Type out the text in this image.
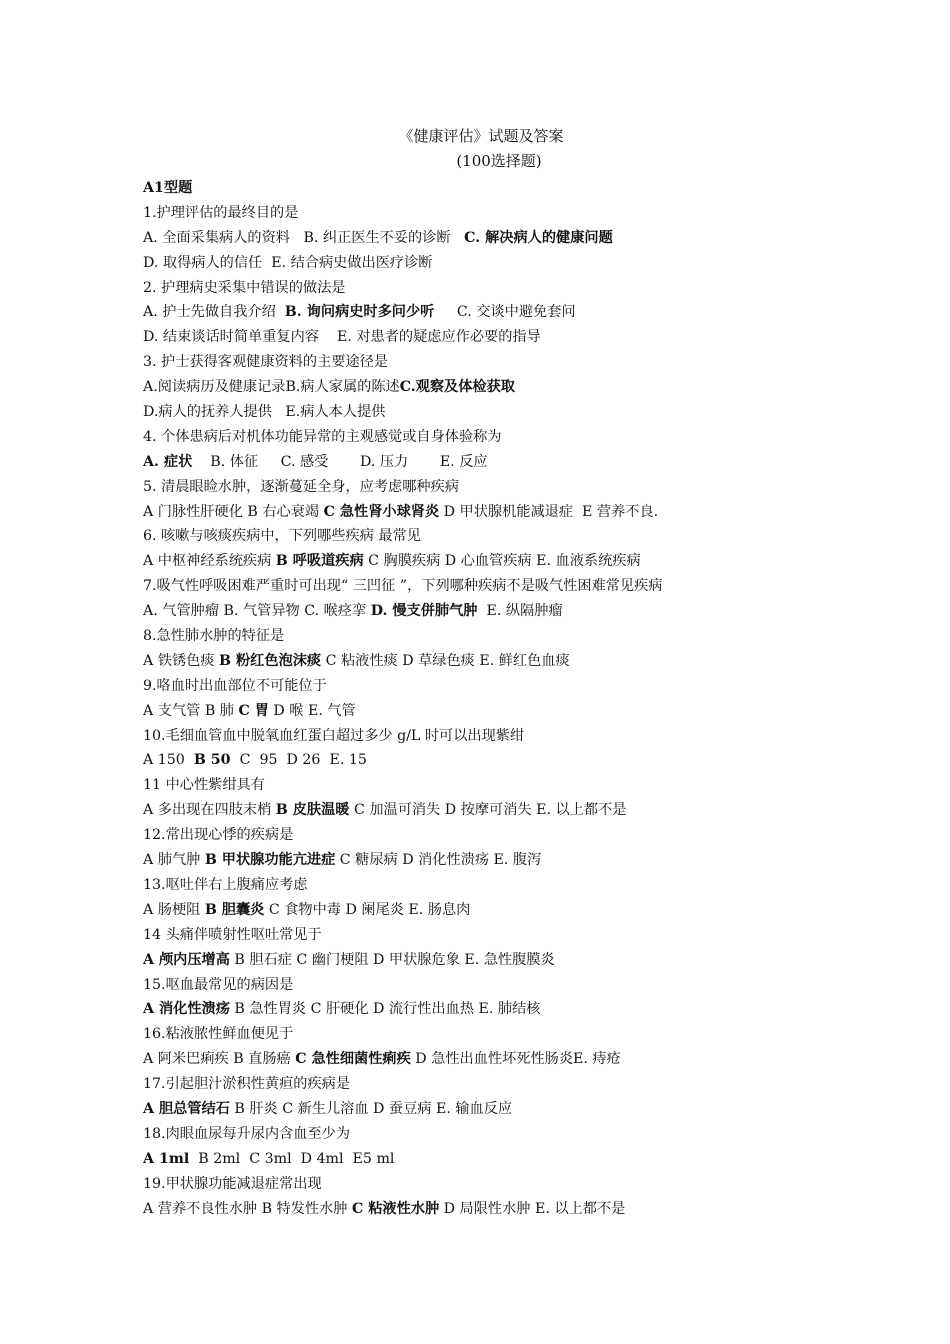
《健康评估》试题及答案
(100选择题)
A1型题
1.护理评估的最终目的是
A. 全面采集病人的资料   B. 纠正医生不妥的诊断   C. 解决病人的健康问题
D. 取得病人的信任  E. 结合病史做出医疗诊断
2. 护理病史采集中错误的做法是
A. 护士先做自我介绍  B. 询问病史时多问少听     C. 交谈中避免套问
D. 结束谈话时简单重复内容    E. 对患者的疑虑应作必要的指导
3. 护士获得客观健康资料的主要途径是
A.阅读病历及健康记录B.病人家属的陈述C.观察及体检获取
D.病人的抚养人提供   E.病人本人提供
4. 个体患病后对机体功能异常的主观感觉或自身体验称为
A. 症状    B. 体征     C. 感受       D. 压力       E. 反应
5. 清晨眼睑水肿，逐渐蔓延全身，应考虑哪种疾病
A 门脉性肝硬化 B 右心衰竭 C 急性肾小球肾炎 D 甲状腺机能减退症  E 营养不良.
6. 咳嗽与咳痰疾病中，下列哪些疾病 最常见
A 中枢神经系统疾病 B 呼吸道疾病 C 胸膜疾病 D 心血管疾病 E. 血液系统疾病
7.吸气性呼吸困难严重时可出现“ 三凹征 ”，下列哪种疾病不是吸气性困难常见疾病
A. 气管肿瘤 B. 气管异物 C. 喉痉挛 D. 慢支併肺气肿  E. 纵隔肿瘤
8.急性肺水肿的特征是
A 铁锈色痰 B 粉红色泡沫痰 C 粘液性痰 D 草绿色痰 E. 鲜红色血痰
9.咯血时出血部位不可能位于
A 支气管 B 肺 C 胃 D 喉 E. 气管
10.毛细血管血中脱氧血红蛋白超过多少 g/L 时可以出现紫绀
A 150  B 50  C  95  D 26  E. 15
11 中心性紫绀具有
A 多出现在四肢末梢 B 皮肤温暖 C 加温可消失 D 按摩可消失 E. 以上都不是
12.常出现心悸的疾病是
A 肺气肿 B 甲状腺功能亢进症 C 糖尿病 D 消化性溃疡 E. 腹泻
13.呕吐伴右上腹痛应考虑
A 肠梗阻 B 胆囊炎 C 食物中毒 D 阑尾炎 E. 肠息肉
14 头痛伴喷射性呕吐常见于
A 颅内压增高 B 胆石症 C 幽门梗阻 D 甲状腺危象 E. 急性腹膜炎
15.呕血最常见的病因是
A 消化性溃疡 B 急性胃炎 C 肝硬化 D 流行性出血热 E. 肺结核
16.粘液脓性鲜血便见于
A 阿米巴痢疾 B 直肠癌 C 急性细菌性痢疾 D 急性出血性坏死性肠炎E. 痔疮
17.引起胆汁淤积性黄疸的疾病是
A 胆总管结石 B 肝炎 C 新生儿溶血 D 蚕豆病 E. 输血反应
18.肉眼血尿每升尿内含血至少为
A 1ml  B 2ml  C 3ml  D 4ml  E5 ml
19.甲状腺功能减退症常出现
A 营养不良性水肿 B 特发性水肿 C 粘液性水肿 D 局限性水肿 E. 以上都不是
